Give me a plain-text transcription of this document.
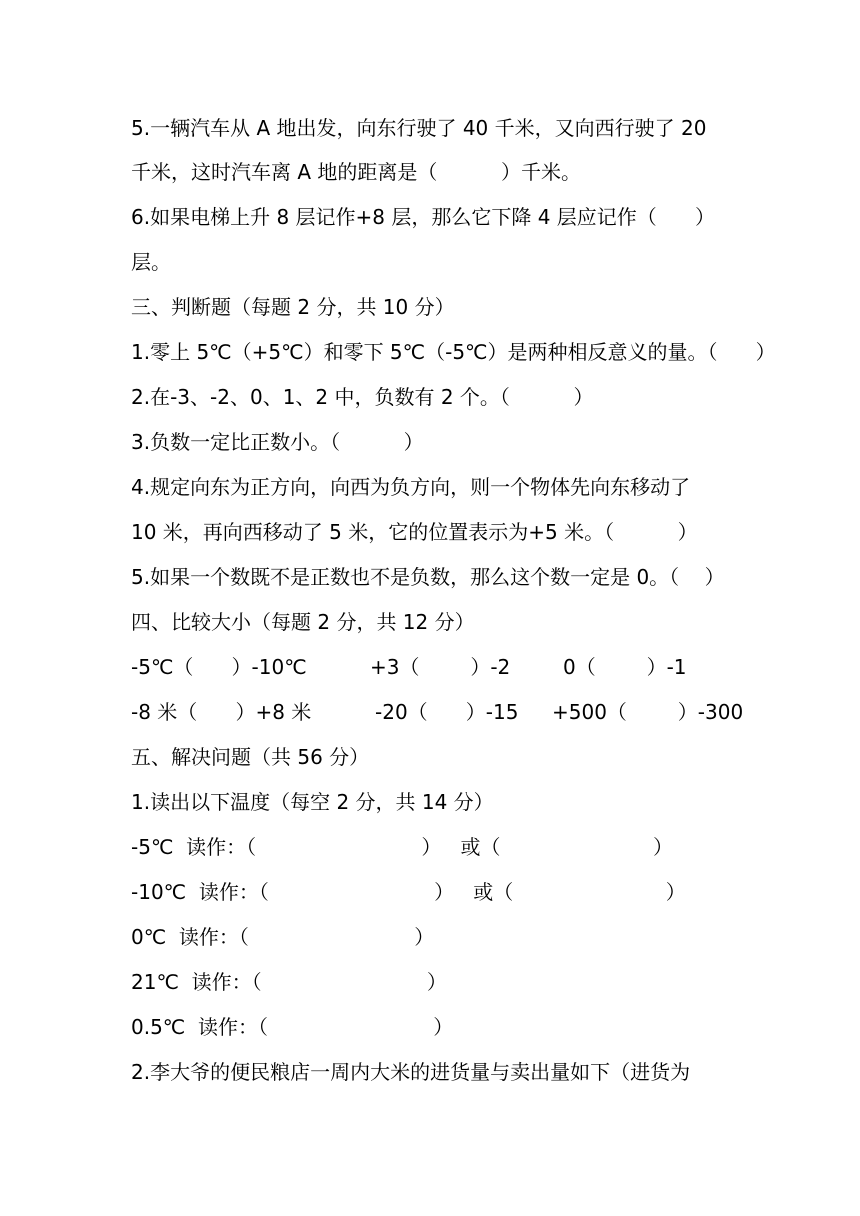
5.一辆汽车从 A 地出发，向东行驶了 40 千米，又向西行驶了 20
千米，这时汽车离 A 地的距离是（          ）千米。
6.如果电梯上升 8 层记作+8 层，那么它下降 4 层应记作（      ）
层。
三、判断题（每题 2 分，共 10 分）
1.零上 5℃（+5℃）和零下 5℃（-5℃）是两种相反意义的量。（      ）
2.在-3、-2、0、1、2 中，负数有 2 个。（          ）
3.负数一定比正数小。（          ）
4.规定向东为正方向，向西为负方向，则一个物体先向东移动了
10 米，再向西移动了 5 米，它的位置表示为+5 米。（          ）
5.如果一个数既不是正数也不是负数，那么这个数一定是 0。（    ）
四、比较大小（每题 2 分，共 12 分）
-5℃（      ）-10℃	+3（        ）-2	0（        ）-1
-8 米（      ）+8 米	-20（      ）-15 +500（        ）-300
五、解决问题（共 56 分）
1.读出以下温度（每空 2 分，共 14 分）
-5℃  读作：（                          ）   或（                        ）
-10℃  读作：（                          ）   或（                        ）
0℃  读作：（                          ）
21℃  读作：（                          ）
0.5℃  读作：（                          ）
2.李大爷的便民粮店一周内大米的进货量与卖出量如下（进货为
